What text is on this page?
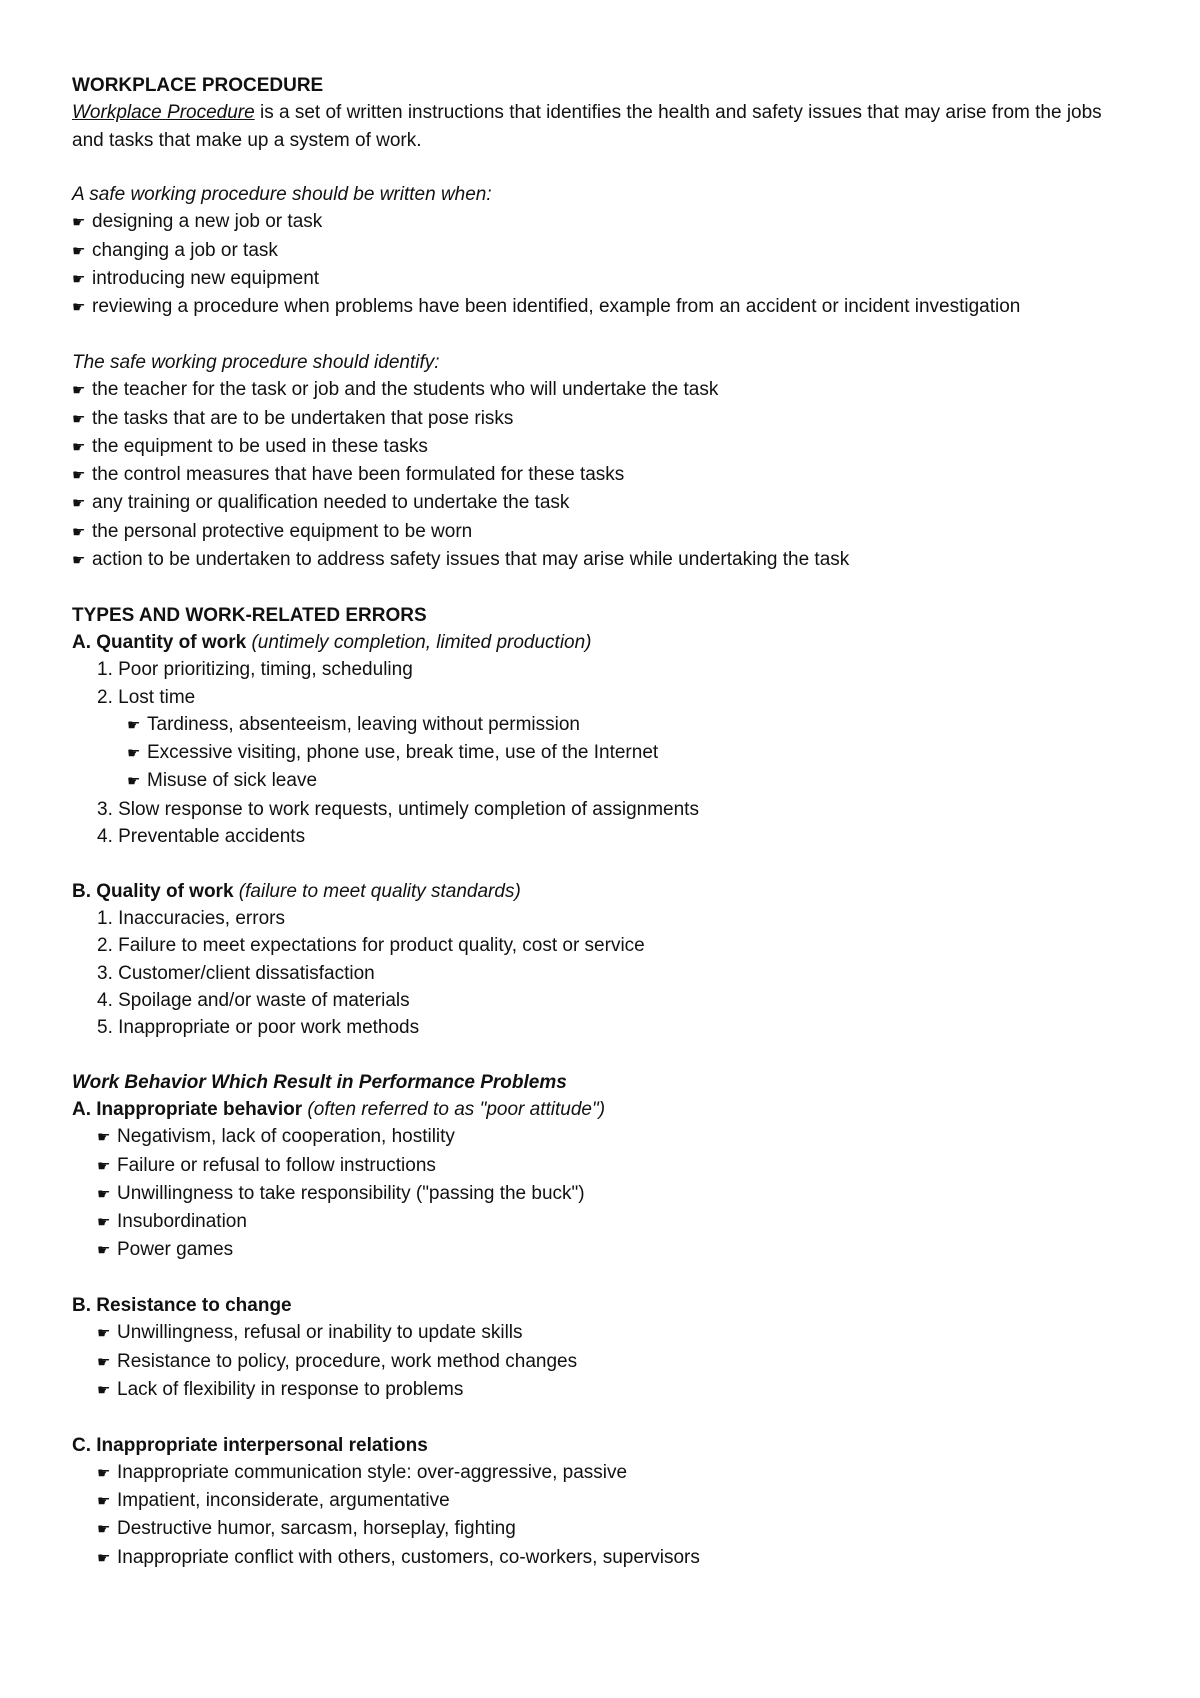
WORKPLACE PROCEDURE
Workplace Procedure is a set of written instructions that identifies the health and safety issues that may arise from the jobs and tasks that make up a system of work.
A safe working procedure should be written when:
☛ designing a new job or task
☛ changing a job or task
☛ introducing new equipment
☛ reviewing a procedure when problems have been identified, example from an accident or incident investigation
The safe working procedure should identify:
☛ the teacher for the task or job and the students who will undertake the task
☛ the tasks that are to be undertaken that pose risks
☛ the equipment to be used in these tasks
☛ the control measures that have been formulated for these tasks
☛ any training or qualification needed to undertake the task
☛ the personal protective equipment to be worn
☛ action to be undertaken to address safety issues that may arise while undertaking the task
TYPES AND WORK-RELATED ERRORS
A. Quantity of work (untimely completion, limited production)
1. Poor prioritizing, timing, scheduling
2. Lost time
☛ Tardiness, absenteeism, leaving without permission
☛ Excessive visiting, phone use, break time, use of the Internet
☛ Misuse of sick leave
3. Slow response to work requests, untimely completion of assignments
4. Preventable accidents
B. Quality of work (failure to meet quality standards)
1. Inaccuracies, errors
2. Failure to meet expectations for product quality, cost or service
3. Customer/client dissatisfaction
4. Spoilage and/or waste of materials
5. Inappropriate or poor work methods
Work Behavior Which Result in Performance Problems
A. Inappropriate behavior (often referred to as "poor attitude")
☛ Negativism, lack of cooperation, hostility
☛ Failure or refusal to follow instructions
☛ Unwillingness to take responsibility ("passing the buck")
☛ Insubordination
☛ Power games
B. Resistance to change
☛ Unwillingness, refusal or inability to update skills
☛ Resistance to policy, procedure, work method changes
☛ Lack of flexibility in response to problems
C. Inappropriate interpersonal relations
☛ Inappropriate communication style: over-aggressive, passive
☛ Impatient, inconsiderate, argumentative
☛ Destructive humor, sarcasm, horseplay, fighting
☛ Inappropriate conflict with others, customers, co-workers, supervisors
